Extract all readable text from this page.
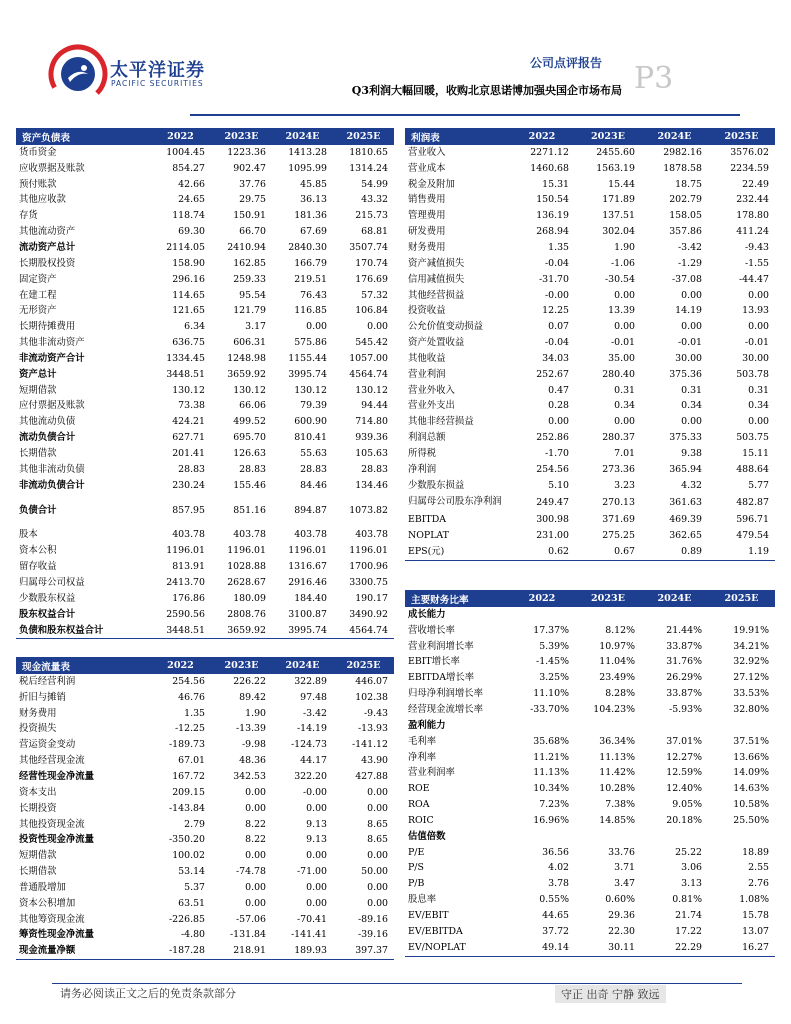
太平洋证券
PACIFIC SECURITIES
公司点评报告 P3
Q3利润大幅回暖，收购北京思诺博加强央国企市场布局
资产负债表	2022	2023E	2024E	2025E
货币资金	1004.45	1223.36	1413.28	1810.65
应收票据及账款	854.27	902.47	1095.99	1314.24
预付账款	42.66	37.76	45.85	54.99
其他应收款	24.65	29.75	36.13	43.32
存货	118.74	150.91	181.36	215.73
其他流动资产	69.30	66.70	67.69	68.81
流动资产总计	2114.05	2410.94	2840.30	3507.74
长期股权投资	158.90	162.85	166.79	170.74
固定资产	296.16	259.33	219.51	176.69
在建工程	114.65	95.54	76.43	57.32
无形资产	121.65	121.79	116.85	106.84
长期待摊费用	6.34	3.17	0.00	0.00
其他非流动资产	636.75	606.31	575.86	545.42
非流动资产合计	1334.45	1248.98	1155.44	1057.00
资产总计	3448.51	3659.92	3995.74	4564.74
短期借款	130.12	130.12	130.12	130.12
应付票据及账款	73.38	66.06	79.39	94.44
其他流动负债	424.21	499.52	600.90	714.80
流动负债合计	627.71	695.70	810.41	939.36
长期借款	201.41	126.63	55.63	105.63
其他非流动负债	28.83	28.83	28.83	28.83
非流动负债合计	230.24	155.46	84.46	134.46
负债合计	857.95	851.16	894.87	1073.82
股本	403.78	403.78	403.78	403.78
资本公积	1196.01	1196.01	1196.01	1196.01
留存收益	813.91	1028.88	1316.67	1700.96
归属母公司权益	2413.70	2628.67	2916.46	3300.75
少数股东权益	176.86	180.09	184.40	190.17
股东权益合计	2590.56	2808.76	3100.87	3490.92
负债和股东权益合计	3448.51	3659.92	3995.74	4564.74
现金流量表	2022	2023E	2024E	2025E
税后经营利润	254.56	226.22	322.89	446.07
折旧与摊销	46.76	89.42	97.48	102.38
财务费用	1.35	1.90	-3.42	-9.43
投资损失	-12.25	-13.39	-14.19	-13.93
营运资金变动	-189.73	-9.98	-124.73	-141.12
其他经营现金流	67.01	48.36	44.17	43.90
经营性现金净流量	167.72	342.53	322.20	427.88
资本支出	209.15	0.00	-0.00	0.00
长期投资	-143.84	0.00	0.00	0.00
其他投资现金流	2.79	8.22	9.13	8.65
投资性现金净流量	-350.20	8.22	9.13	8.65
短期借款	100.02	0.00	0.00	0.00
长期借款	53.14	-74.78	-71.00	50.00
普通股增加	5.37	0.00	0.00	0.00
资本公积增加	63.51	0.00	0.00	0.00
其他筹资现金流	-226.85	-57.06	-70.41	-89.16
筹资性现金净流量	-4.80	-131.84	-141.41	-39.16
现金流量净额	-187.28	218.91	189.93	397.37
利润表	2022	2023E	2024E	2025E
营业收入	2271.12	2455.60	2982.16	3576.02
营业成本	1460.68	1563.19	1878.58	2234.59
税金及附加	15.31	15.44	18.75	22.49
销售费用	150.54	171.89	202.79	232.44
管理费用	136.19	137.51	158.05	178.80
研发费用	268.94	302.04	357.86	411.24
财务费用	1.35	1.90	-3.42	-9.43
资产减值损失	-0.04	-1.06	-1.29	-1.55
信用减值损失	-31.70	-30.54	-37.08	-44.47
其他经营损益	-0.00	0.00	0.00	0.00
投资收益	12.25	13.39	14.19	13.93
公允价值变动损益	0.07	0.00	0.00	0.00
资产处置收益	-0.04	-0.01	-0.01	-0.01
其他收益	34.03	35.00	30.00	30.00
营业利润	252.67	280.40	375.36	503.78
营业外收入	0.47	0.31	0.31	0.31
营业外支出	0.28	0.34	0.34	0.34
其他非经营损益	0.00	0.00	0.00	0.00
利润总额	252.86	280.37	375.33	503.75
所得税	-1.70	7.01	9.38	15.11
净利润	254.56	273.36	365.94	488.64
少数股东损益	5.10	3.23	4.32	5.77
归属母公司股东净利润	249.47	270.13	361.63	482.87
EBITDA	300.98	371.69	469.39	596.71
NOPLAT	231.00	275.25	362.65	479.54
EPS(元)	0.62	0.67	0.89	1.19
主要财务比率	2022	2023E	2024E	2025E
成长能力				
营收增长率	17.37%	8.12%	21.44%	19.91%
营业利润增长率	5.39%	10.97%	33.87%	34.21%
EBIT增长率	-1.45%	11.04%	31.76%	32.92%
EBITDA增长率	3.25%	23.49%	26.29%	27.12%
归母净利润增长率	11.10%	8.28%	33.87%	33.53%
经营现金流增长率	-33.70%	104.23%	-5.93%	32.80%
盈利能力				
毛利率	35.68%	36.34%	37.01%	37.51%
净利率	11.21%	11.13%	12.27%	13.66%
营业利润率	11.13%	11.42%	12.59%	14.09%
ROE	10.34%	10.28%	12.40%	14.63%
ROA	7.23%	7.38%	9.05%	10.58%
ROIC	16.96%	14.85%	20.18%	25.50%
估值倍数				
P/E	36.56	33.76	25.22	18.89
P/S	4.02	3.71	3.06	2.55
P/B	3.78	3.47	3.13	2.76
股息率	0.55%	0.60%	0.81%	1.08%
EV/EBIT	44.65	29.36	21.74	15.78
EV/EBITDA	37.72	22.30	17.22	13.07
EV/NOPLAT	49.14	30.11	22.29	16.27
请务必阅读正文之后的免责条款部分	守正 出奇 宁静 致远
